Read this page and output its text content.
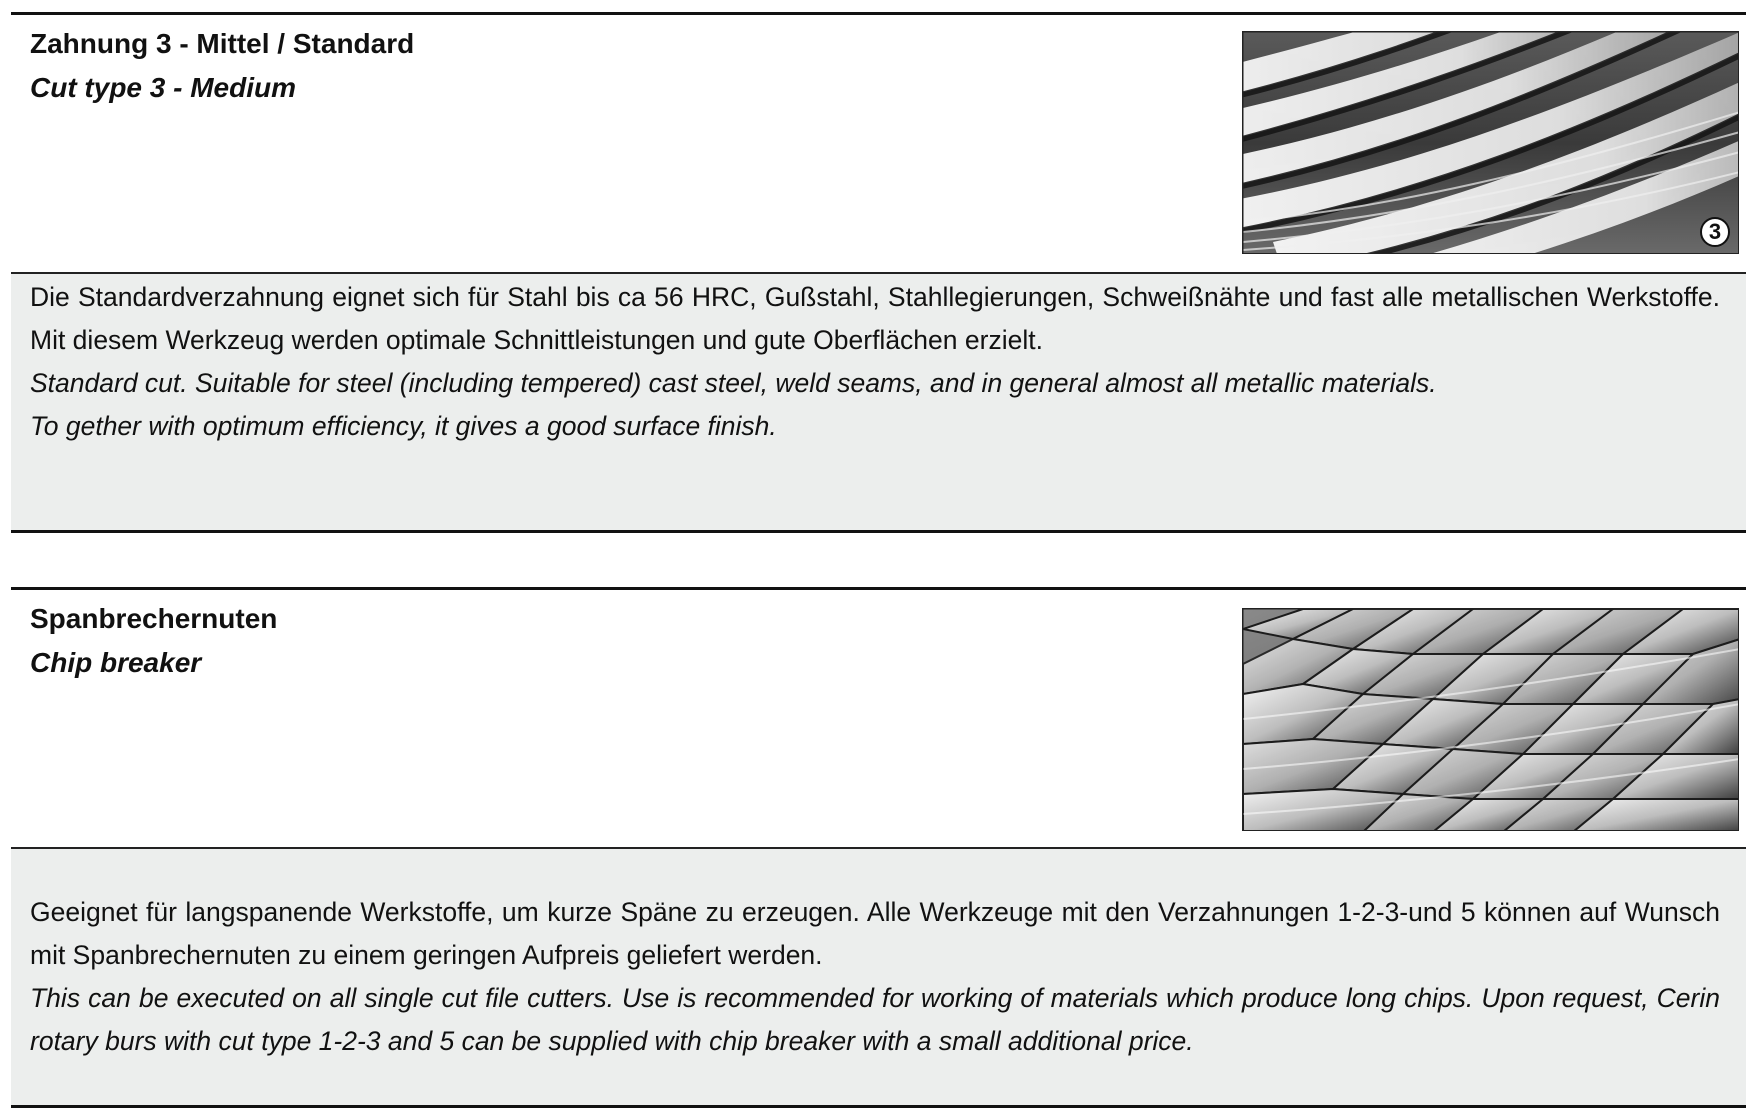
Zahnung 3 - Mittel / Standard
Cut type 3 - Medium
3

Die Standardverzahnung eignet sich für Stahl bis ca 56 HRC, Gußstahl, Stahllegierungen, Schweißnähte und fast alle metallischen Werkstoffe. Mit diesem Werkzeug werden optimale Schnittleistungen und gute Oberflächen erzielt.

Standard cut. Suitable for steel (including tempered) cast steel, weld seams, and in general almost all metallic materials.

To gether with optimum efficiency, it gives a good surface finish.

Spanbrechernuten
Chip breaker

Geeignet für langspanende Werkstoffe, um kurze Späne zu erzeugen. Alle Werkzeuge mit den Verzahnungen 1-2-3-und 5 können auf Wunsch mit Spanbrechernuten zu einem geringen Aufpreis geliefert werden.

This can be executed on all single cut file cutters. Use is recommended for working of materials which produce long chips. Upon request, Cerin rotary burs with cut type 1-2-3 and 5 can be supplied with chip breaker with a small additional price.
